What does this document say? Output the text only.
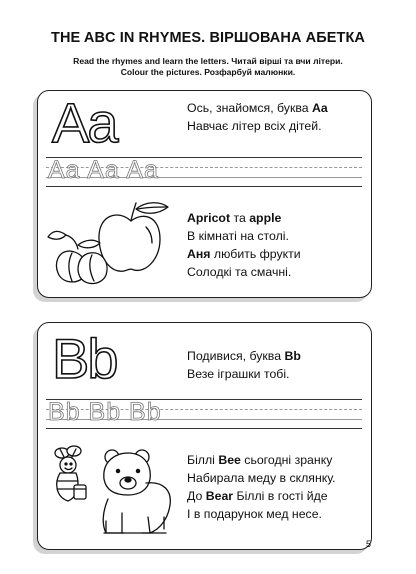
THE ABC IN RHYMES. ВІРШОВАНА АБЕТКА
Read the rhymes and learn the letters. Читай вірші та вчи літери.
Colour the pictures. Розфарбуй малюнки.
Aa	Ось, знайомся, буква Aa
Навчає літер всіх дітей.
Aa Aa Aa
Apricot та apple
В кімнаті на столі.
Аня любить фрукти
Солодкі та смачні.
Bb	Подивися, буква Bb
Везе іграшки тобі.
Bb Bb Bb
Біллі Bee сьогодні зранку
Набирала меду в склянку.
До Bear Біллі в гості йде
І в подарунок мед несе.
5
